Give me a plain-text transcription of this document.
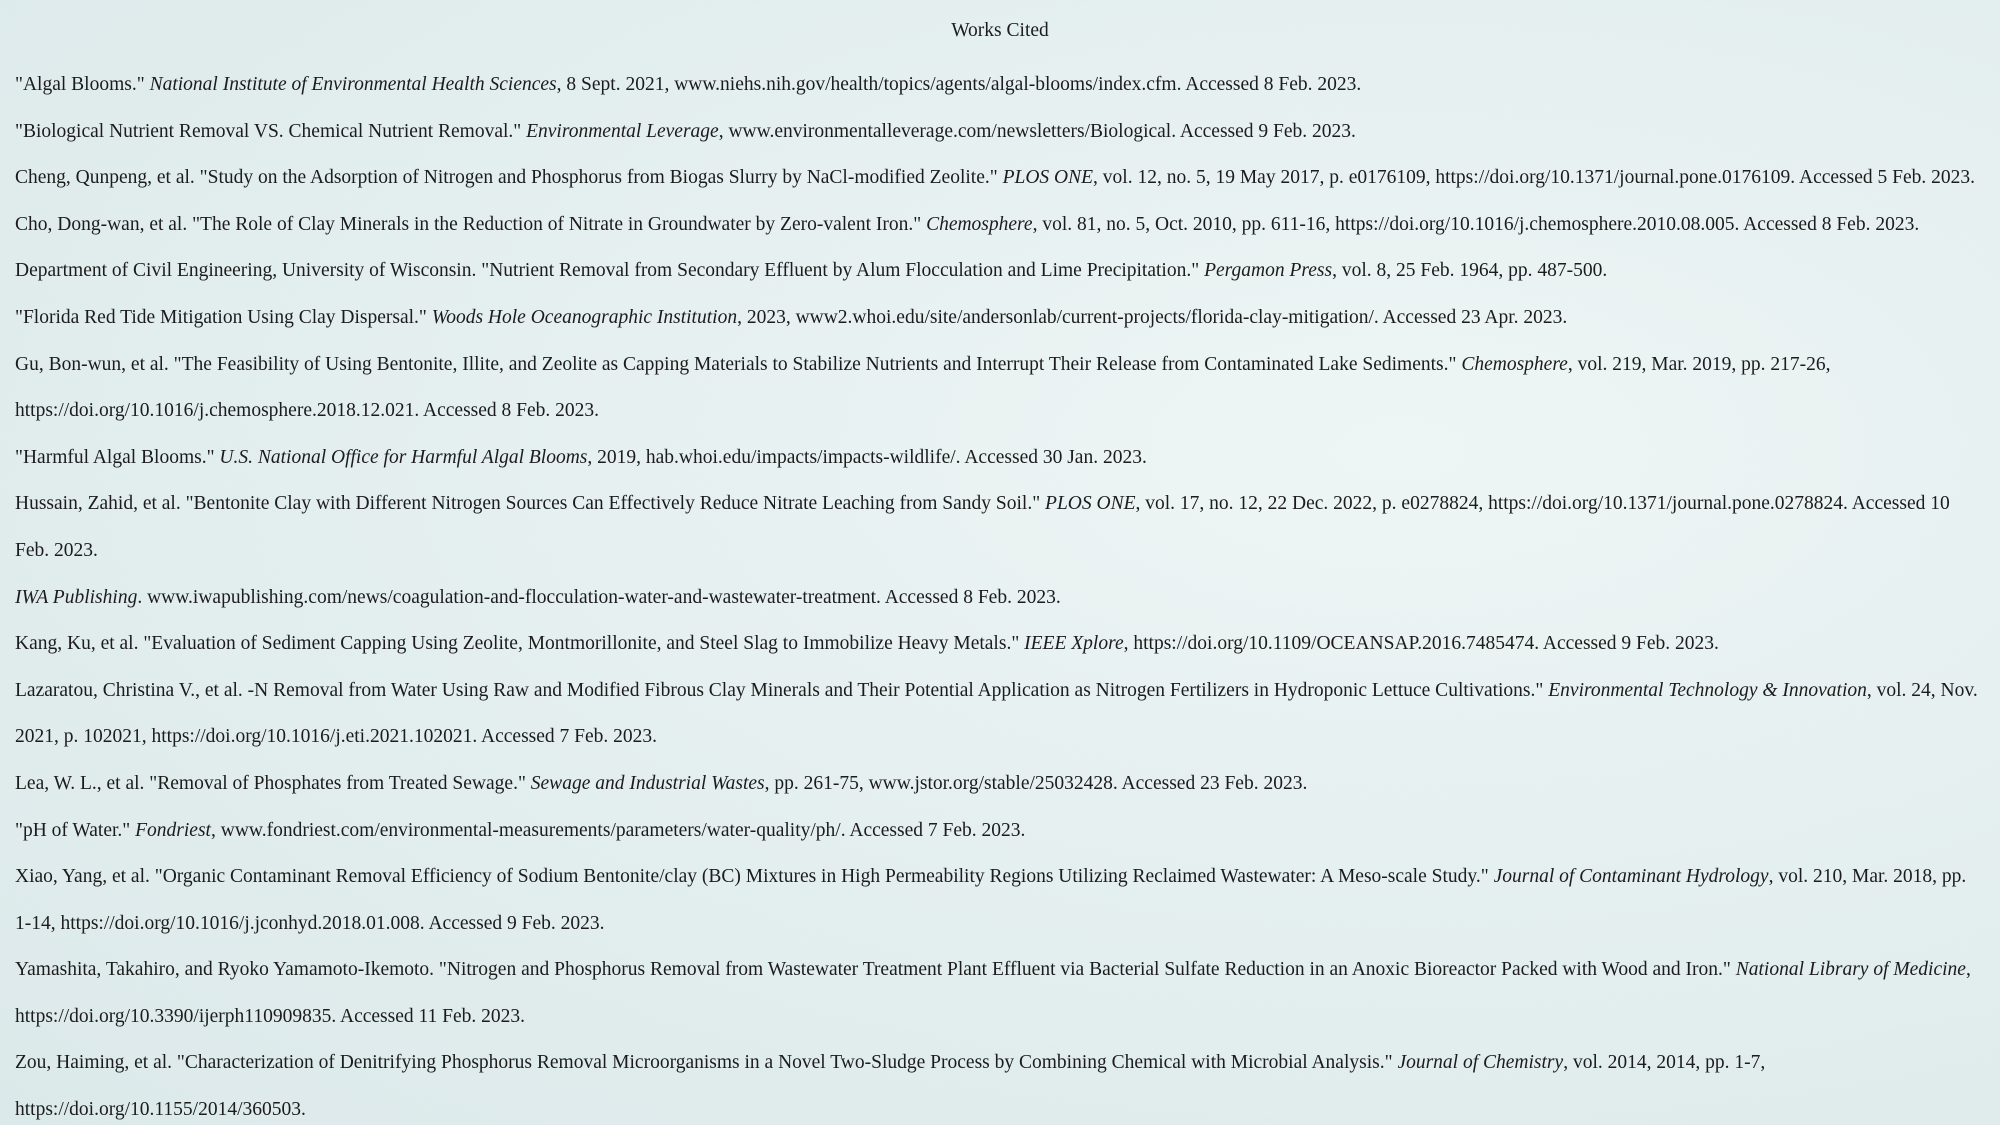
Works Cited
"Algal Blooms." National Institute of Environmental Health Sciences, 8 Sept. 2021, www.niehs.nih.gov/health/topics/agents/algal-blooms/index.cfm. Accessed 8 Feb. 2023.
"Biological Nutrient Removal VS. Chemical Nutrient Removal." Environmental Leverage, www.environmentalleverage.com/newsletters/Biological. Accessed 9 Feb. 2023.
Cheng, Qunpeng, et al. "Study on the Adsorption of Nitrogen and Phosphorus from Biogas Slurry by NaCl-modified Zeolite." PLOS ONE, vol. 12, no. 5, 19 May 2017, p. e0176109, https://doi.org/10.1371/journal.pone.0176109. Accessed 5 Feb. 2023.
Cho, Dong-wan, et al. "The Role of Clay Minerals in the Reduction of Nitrate in Groundwater by Zero-valent Iron." Chemosphere, vol. 81, no. 5, Oct. 2010, pp. 611-16, https://doi.org/10.1016/j.chemosphere.2010.08.005. Accessed 8 Feb. 2023.
Department of Civil Engineering, University of Wisconsin. "Nutrient Removal from Secondary Effluent by Alum Flocculation and Lime Precipitation." Pergamon Press, vol. 8, 25 Feb. 1964, pp. 487-500.
"Florida Red Tide Mitigation Using Clay Dispersal." Woods Hole Oceanographic Institution, 2023, www2.whoi.edu/site/andersonlab/current-projects/florida-clay-mitigation/. Accessed 23 Apr. 2023.
Gu, Bon-wun, et al. "The Feasibility of Using Bentonite, Illite, and Zeolite as Capping Materials to Stabilize Nutrients and Interrupt Their Release from Contaminated Lake Sediments." Chemosphere, vol. 219, Mar. 2019, pp. 217-26,
https://doi.org/10.1016/j.chemosphere.2018.12.021. Accessed 8 Feb. 2023.
"Harmful Algal Blooms." U.S. National Office for Harmful Algal Blooms, 2019, hab.whoi.edu/impacts/impacts-wildlife/. Accessed 30 Jan. 2023.
Hussain, Zahid, et al. "Bentonite Clay with Different Nitrogen Sources Can Effectively Reduce Nitrate Leaching from Sandy Soil." PLOS ONE, vol. 17, no. 12, 22 Dec. 2022, p. e0278824, https://doi.org/10.1371/journal.pone.0278824. Accessed 10
Feb. 2023.
IWA Publishing. www.iwapublishing.com/news/coagulation-and-flocculation-water-and-wastewater-treatment. Accessed 8 Feb. 2023.
Kang, Ku, et al. "Evaluation of Sediment Capping Using Zeolite, Montmorillonite, and Steel Slag to Immobilize Heavy Metals." IEEE Xplore, https://doi.org/10.1109/OCEANSAP.2016.7485474. Accessed 9 Feb. 2023.
Lazaratou, Christina V., et al. -N Removal from Water Using Raw and Modified Fibrous Clay Minerals and Their Potential Application as Nitrogen Fertilizers in Hydroponic Lettuce Cultivations." Environmental Technology & Innovation, vol. 24, Nov.
2021, p. 102021, https://doi.org/10.1016/j.eti.2021.102021. Accessed 7 Feb. 2023.
Lea, W. L., et al. "Removal of Phosphates from Treated Sewage." Sewage and Industrial Wastes, pp. 261-75, www.jstor.org/stable/25032428. Accessed 23 Feb. 2023.
"pH of Water." Fondriest, www.fondriest.com/environmental-measurements/parameters/water-quality/ph/. Accessed 7 Feb. 2023.
Xiao, Yang, et al. "Organic Contaminant Removal Efficiency of Sodium Bentonite/clay (BC) Mixtures in High Permeability Regions Utilizing Reclaimed Wastewater: A Meso-scale Study." Journal of Contaminant Hydrology, vol. 210, Mar. 2018, pp.
1-14, https://doi.org/10.1016/j.jconhyd.2018.01.008. Accessed 9 Feb. 2023.
Yamashita, Takahiro, and Ryoko Yamamoto-Ikemoto. "Nitrogen and Phosphorus Removal from Wastewater Treatment Plant Effluent via Bacterial Sulfate Reduction in an Anoxic Bioreactor Packed with Wood and Iron." National Library of Medicine,
https://doi.org/10.3390/ijerph110909835. Accessed 11 Feb. 2023.
Zou, Haiming, et al. "Characterization of Denitrifying Phosphorus Removal Microorganisms in a Novel Two-Sludge Process by Combining Chemical with Microbial Analysis." Journal of Chemistry, vol. 2014, 2014, pp. 1-7,
https://doi.org/10.1155/2014/360503.
